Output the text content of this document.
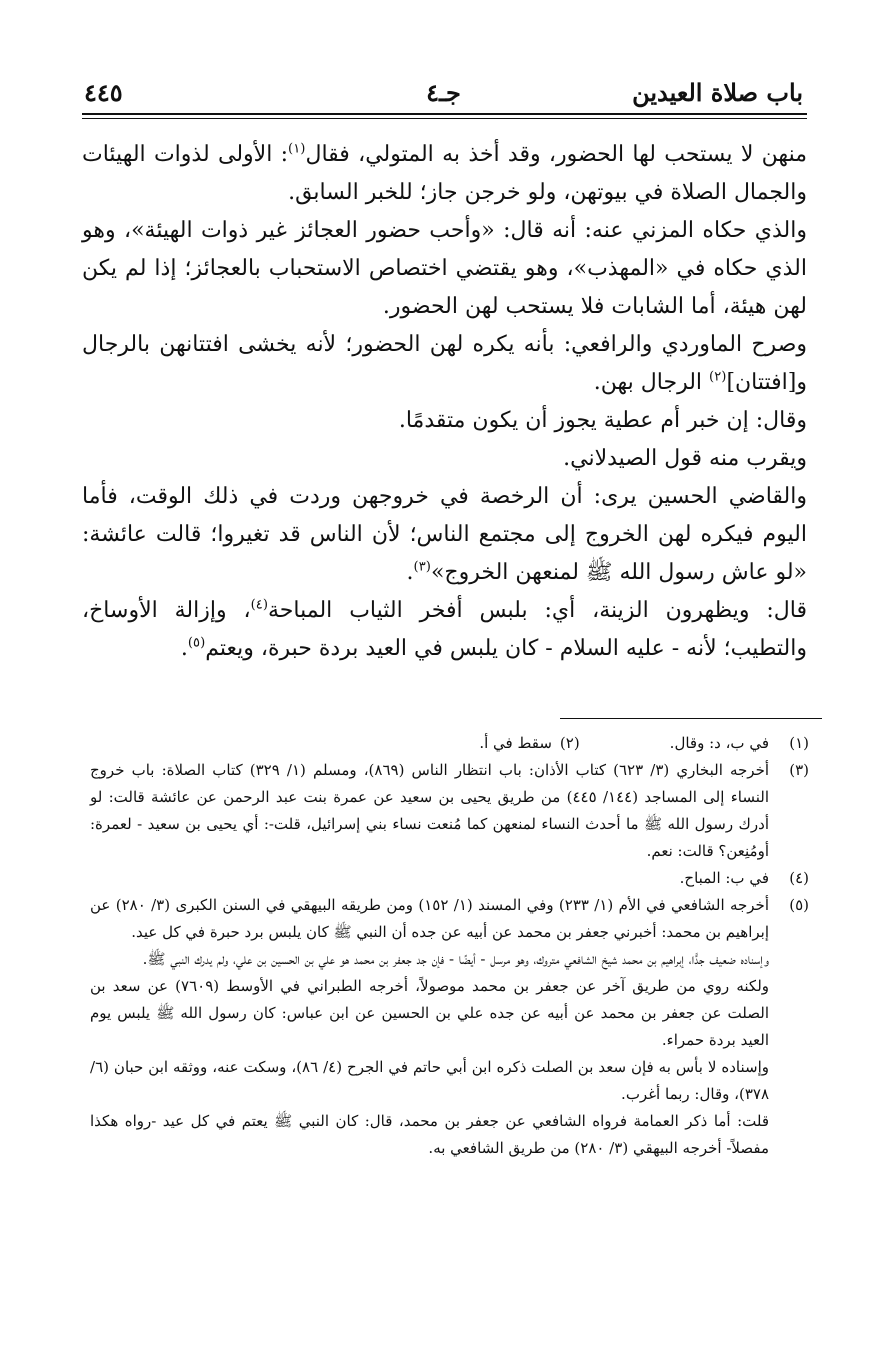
باب صلاة العيدين
جـ٤
٤٤٥

منهن لا يستحب لها الحضور، وقد أخذ به المتولي، فقال$^{(١)}$: الأولى لذوات الهيئات والجمال الصلاة في بيوتهن، ولو خرجن جاز؛ للخبر السابق.

والذي حكاه المزني عنه: أنه قال: «وأحب حضور العجائز غير ذوات الهيئة»، وهو الذي حكاه في «المهذب»، وهو يقتضي اختصاص الاستحباب بالعجائز؛ إذا لم يكن لهن هيئة، أما الشابات فلا يستحب لهن الحضور.

وصرح الماوردي والرافعي: بأنه يكره لهن الحضور؛ لأنه يخشى افتتانهن بالرجال و[افتتان]$^{(٢)}$ الرجال بهن.

وقال: إن خبر أم عطية يجوز أن يكون متقدمًا.

ويقرب منه قول الصيدلاني.

والقاضي الحسين يرى: أن الرخصة في خروجهن وردت في ذلك الوقت، فأما اليوم فيكره لهن الخروج إلى مجتمع الناس؛ لأن الناس قد تغيروا؛ قالت عائشة: «لو عاش رسول الله ﷺ لمنعهن الخروج»$^{(٣)}$.

قال: ويظهرون الزينة، أي: بلبس أفخر الثياب المباحة$^{(٤)}$، وإزالة الأوساخ، والتطيب؛ لأنه - عليه السلام - كان يلبس في العيد بردة حبرة، ويعتم$^{(٥)}$.

(١)
في ب، د: وقال.
(٢)
سقط في أ.
(٣)
أخرجه البخاري (٣/ ٦٢٣) كتاب الأذان: باب انتظار الناس (٨٦٩)، ومسلم (١/ ٣٢٩) كتاب الصلاة: باب خروج النساء إلى المساجد (١٤٤/ ٤٤٥) من طريق يحيى بن سعيد عن عمرة بنت عبد الرحمن عن عائشة قالت: لو أدرك رسول الله ﷺ ما أحدث النساء لمنعهن كما مُنعت نساء بني إسرائيل، قلت-: أي يحيى بن سعيد - لعمرة: أومُنِعن؟ قالت: نعم.
(٤)
في ب: المباح.
(٥)
أخرجه الشافعي في الأم (١/ ٢٣٣) وفي المسند (١/ ١٥٢) ومن طريقه البيهقي في السنن الكبرى (٣/ ٢٨٠) عن إبراهيم بن محمد: أخبرني جعفر بن محمد عن أبيه عن جده أن النبي ﷺ كان يلبس برد حبرة في كل عيد.
وإسناده ضعيف جدًّا، إبراهيم بن محمد شيخ الشافعي متروك، وهو مرسل - أيضًا - فإن جد جعفر بن محمد هو علي بن الحسين بن علي، ولم يدرك النبي ﷺ.
ولكنه روي من طريق آخر عن جعفر بن محمد موصولاً، أخرجه الطبراني في الأوسط (٧٦٠٩) عن سعد بن الصلت عن جعفر بن محمد عن أبيه عن جده علي بن الحسين عن ابن عباس: كان رسول الله ﷺ يلبس يوم العيد بردة حمراء.
وإسناده لا بأس به فإن سعد بن الصلت ذكره ابن أبي حاتم في الجرح (٤/ ٨٦)، وسكت عنه، ووثقه ابن حبان (٦/ ٣٧٨)، وقال: ربما أغرب.
قلت: أما ذكر العمامة فرواه الشافعي عن جعفر بن محمد، قال: كان النبي ﷺ يعتم في كل عيد -رواه هكذا مفصلاً- أخرجه البيهقي (٣/ ٢٨٠) من طريق الشافعي به.
